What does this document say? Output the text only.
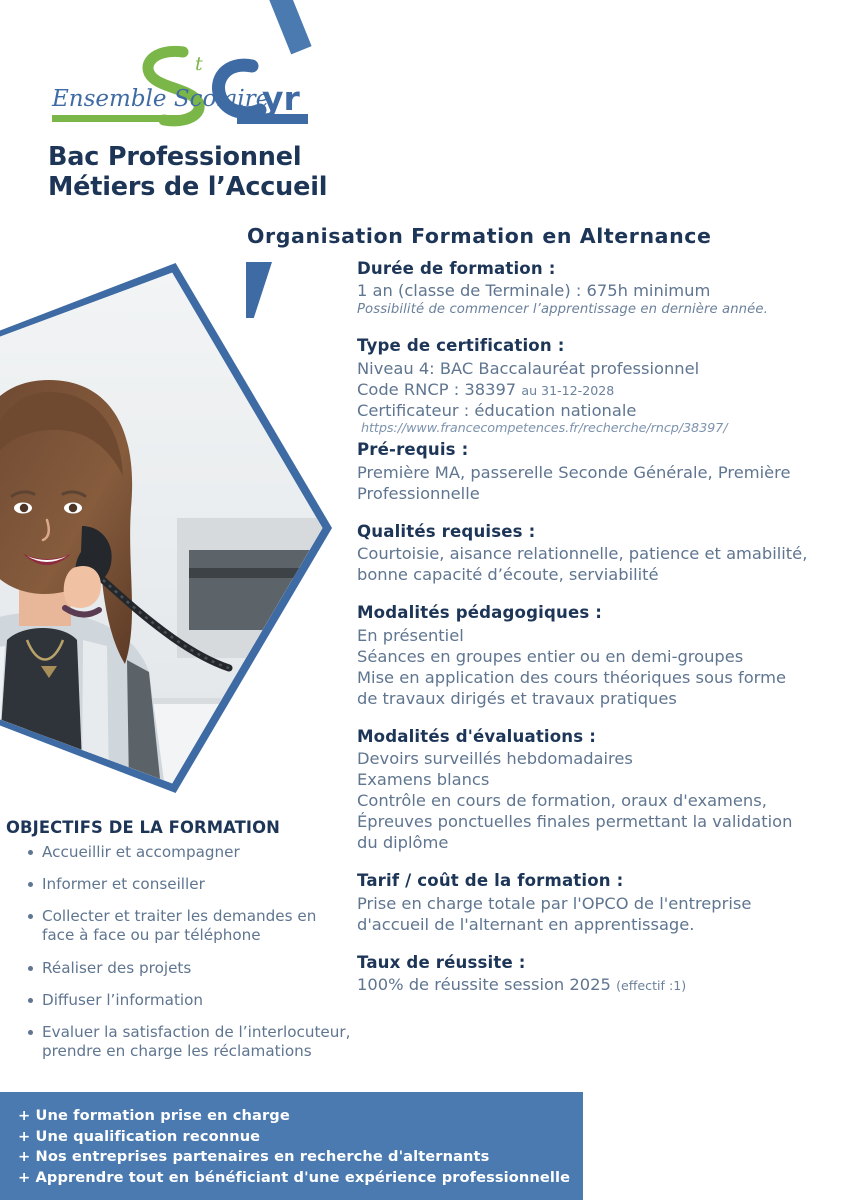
Ensemble Scolaire
t
yr
Bac Professionnel
Métiers de l’Accueil
Organisation Formation en Alternance
Durée de formation :

1 an (classe de Terminale) : 675h minimum

Possibilité de commencer l’apprentissage en dernière année.

Type de certification :

Niveau 4: BAC Baccalauréat professionnel

Code RNCP : 38397 au 31-12-2028

Certificateur : éducation nationale

https://www.francecompetences.fr/recherche/rncp/38397/
Pré-requis :

Première MA, passerelle Seconde Générale, Première

Professionnelle

Qualités requises :

Courtoisie, aisance relationnelle, patience et amabilité,

bonne capacité d’écoute, serviabilité

Modalités pédagogiques :

En présentiel

Séances en groupes entier ou en demi-groupes

Mise en application des cours théoriques sous forme

de travaux dirigés et travaux pratiques

Modalités d'évaluations :

Devoirs surveillés hebdomadaires

Examens blancs

Contrôle en cours de formation, oraux d'examens,

Épreuves ponctuelles finales permettant la validation

du diplôme

Tarif / coût de la formation :

Prise en charge totale par l'OPCO de l'entreprise

d'accueil de l'alternant en apprentissage.

Taux de réussite :

100% de réussite session 2025 (effectif :1)

OBJECTIFS DE LA FORMATION
Accueillir et accompagner
Informer et conseiller
Collecter et traiter les demandes en face à face ou par téléphone
Réaliser des projets
Diffuser l’information
Evaluer la satisfaction de l’interlocuteur, prendre en charge les réclamations
+ Une formation prise en charge
+ Une qualification reconnue
+ Nos entreprises partenaires en recherche d'alternants
+ Apprendre tout en bénéficiant d'une expérience professionnelle
